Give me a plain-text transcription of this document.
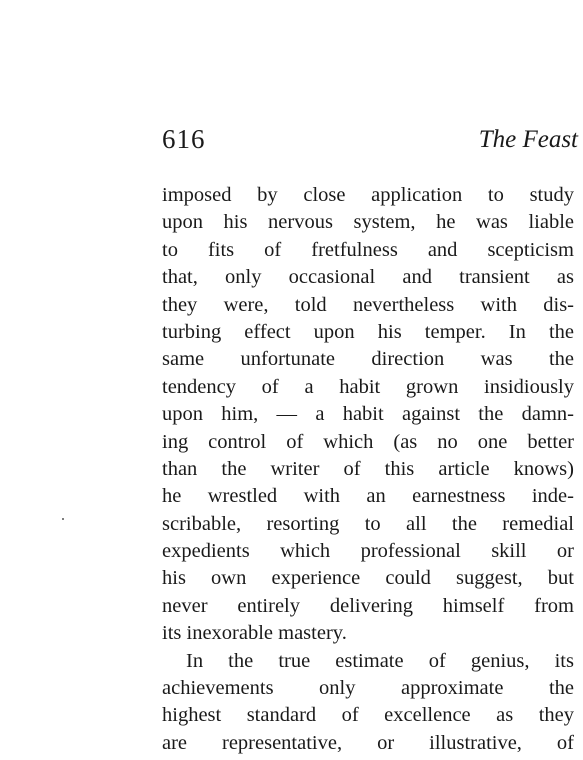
616	The Feast
imposed by close application to study
upon his nervous system, he was liable
to fits of fretfulness and scepticism
that, only occasional and transient as
they were, told nevertheless with dis-
turbing effect upon his temper. In the
same unfortunate direction was the
tendency of a habit grown insidiously
upon him, — a habit against the damn-
ing control of which (as no one better
than the writer of this article knows)
he wrestled with an earnestness inde-
scribable, resorting to all the remedial
expedients which professional skill or
his own experience could suggest, but
never entirely delivering himself from
its inexorable mastery.
In the true estimate of genius, its
achievements only approximate the
highest standard of excellence as they
are representative, or illustrative, of
